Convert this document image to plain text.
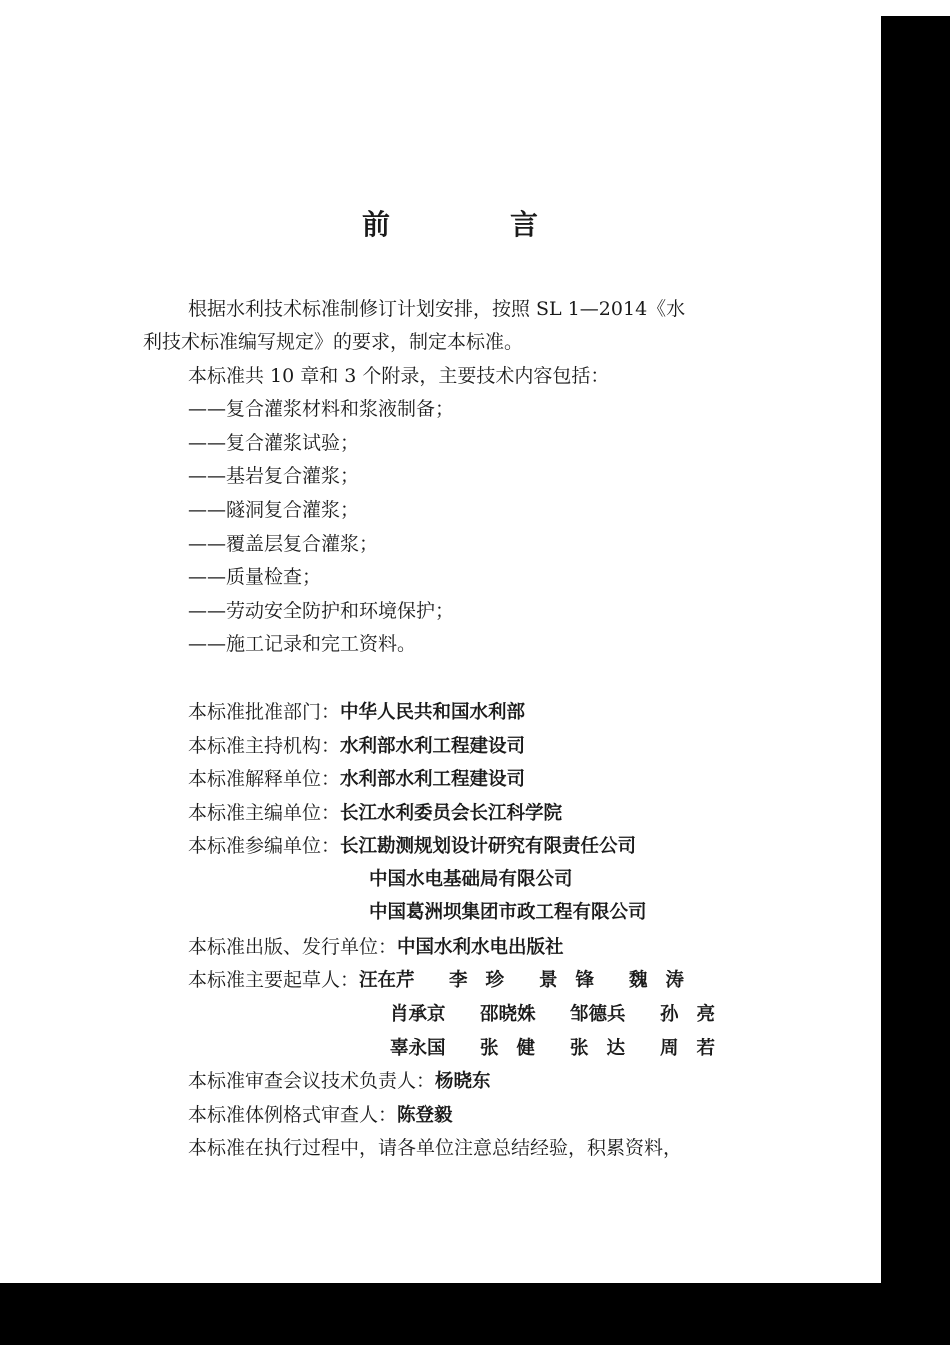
前　言
根据水利技术标准制修订计划安排，按照 SL 1—2014《水
利技术标准编写规定》的要求，制定本标准。
本标准共 10 章和 3 个附录，主要技术内容包括：
——复合灌浆材料和浆液制备；
——复合灌浆试验；
——基岩复合灌浆；
——隧洞复合灌浆；
——覆盖层复合灌浆；
——质量检查；
——劳动安全防护和环境保护；
——施工记录和完工资料。
本标准批准部门：中华人民共和国水利部
本标准主持机构：水利部水利工程建设司
本标准解释单位：水利部水利工程建设司
本标准主编单位：长江水利委员会长江科学院
本标准参编单位：长江勘测规划设计研究有限责任公司
中国水电基础局有限公司
中国葛洲坝集团市政工程有限公司
本标准出版、发行单位：中国水利水电出版社
本标准主要起草人：汪在芹 李珍 景锋 魏涛
肖承京 邵晓姝 邹德兵 孙亮
辜永国 张健 张达 周若
本标准审查会议技术负责人：杨晓东
本标准体例格式审查人：陈登毅
本标准在执行过程中，请各单位注意总结经验，积累资料，
